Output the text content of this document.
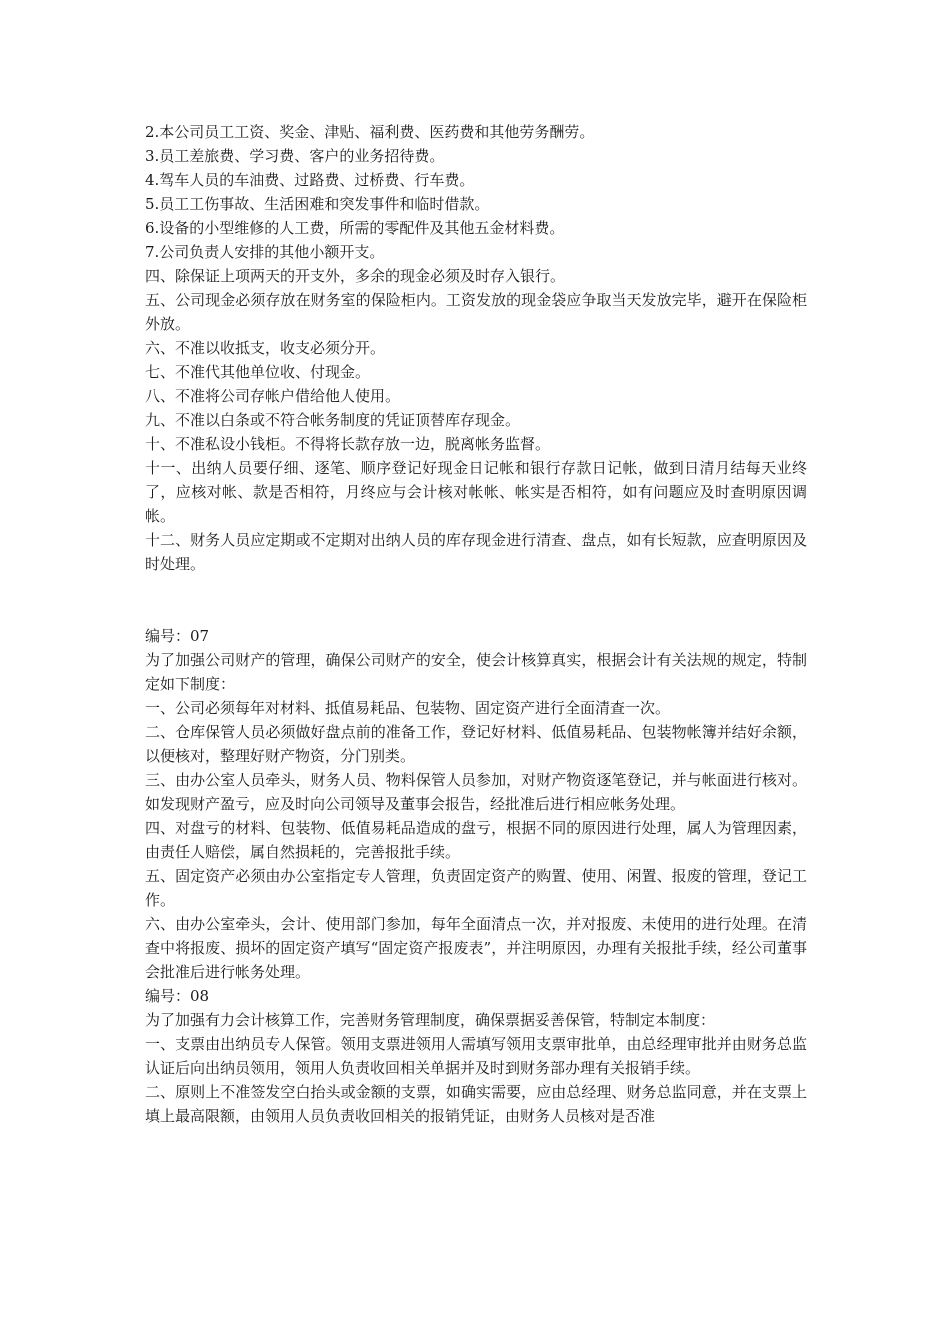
2.本公司员工工资、奖金、津贴、福利费、医药费和其他劳务酬劳。

3.员工差旅费、学习费、客户的业务招待费。

4.驾车人员的车油费、过路费、过桥费、行车费。

5.员工工伤事故、生活困难和突发事件和临时借款。

6.设备的小型维修的人工费，所需的零配件及其他五金材料费。

7.公司负责人安排的其他小额开支。

四、除保证上项两天的开支外，多余的现金必须及时存入银行。

五、公司现金必须存放在财务室的保险柜内。工资发放的现金袋应争取当天发放完毕，避开在保险柜外放。

六、不准以收抵支，收支必须分开。

七、不准代其他单位收、付现金。

八、不准将公司存帐户借给他人使用。

九、不准以白条或不符合帐务制度的凭证顶替库存现金。

十、不准私设小钱柜。不得将长款存放一边，脱离帐务监督。

十一、出纳人员要仔细、逐笔、顺序登记好现金日记帐和银行存款日记帐，做到日清月结每天业终了，应核对帐、款是否相符，月终应与会计核对帐帐、帐实是否相符，如有问题应及时查明原因调帐。

十二、财务人员应定期或不定期对出纳人员的库存现金进行清查、盘点，如有长短款，应查明原因及时处理。

编号：07

为了加强公司财产的管理，确保公司财产的安全，使会计核算真实，根据会计有关法规的规定，特制定如下制度：

一、公司必须每年对材料、抵值易耗品、包装物、固定资产进行全面清查一次。

二、仓库保管人员必须做好盘点前的准备工作，登记好材料、低值易耗品、包装物帐簿并结好余额，以便核对，整理好财产物资，分门别类。

三、由办公室人员牵头，财务人员、物料保管人员参加，对财产物资逐笔登记，并与帐面进行核对。如发现财产盈亏，应及时向公司领导及董事会报告，经批准后进行相应帐务处理。

四、对盘亏的材料、包装物、低值易耗品造成的盘亏，根据不同的原因进行处理，属人为管理因素，由责任人赔偿，属自然损耗的，完善报批手续。

五、固定资产必须由办公室指定专人管理，负责固定资产的购置、使用、闲置、报废的管理，登记工作。

六、由办公室牵头，会计、使用部门参加，每年全面清点一次，并对报废、未使用的进行处理。在清查中将报废、损坏的固定资产填写“固定资产报废表”，并注明原因，办理有关报批手续，经公司董事会批准后进行帐务处理。

编号：08

为了加强有力会计核算工作，完善财务管理制度，确保票据妥善保管，特制定本制度：

一、支票由出纳员专人保管。领用支票进领用人需填写领用支票审批单，由总经理审批并由财务总监认证后向出纳员领用，领用人负责收回相关单据并及时到财务部办理有关报销手续。

二、原则上不准签发空白抬头或金额的支票，如确实需要，应由总经理、财务总监同意，并在支票上填上最高限额，由领用人员负责收回相关的报销凭证，由财务人员核对是否准
